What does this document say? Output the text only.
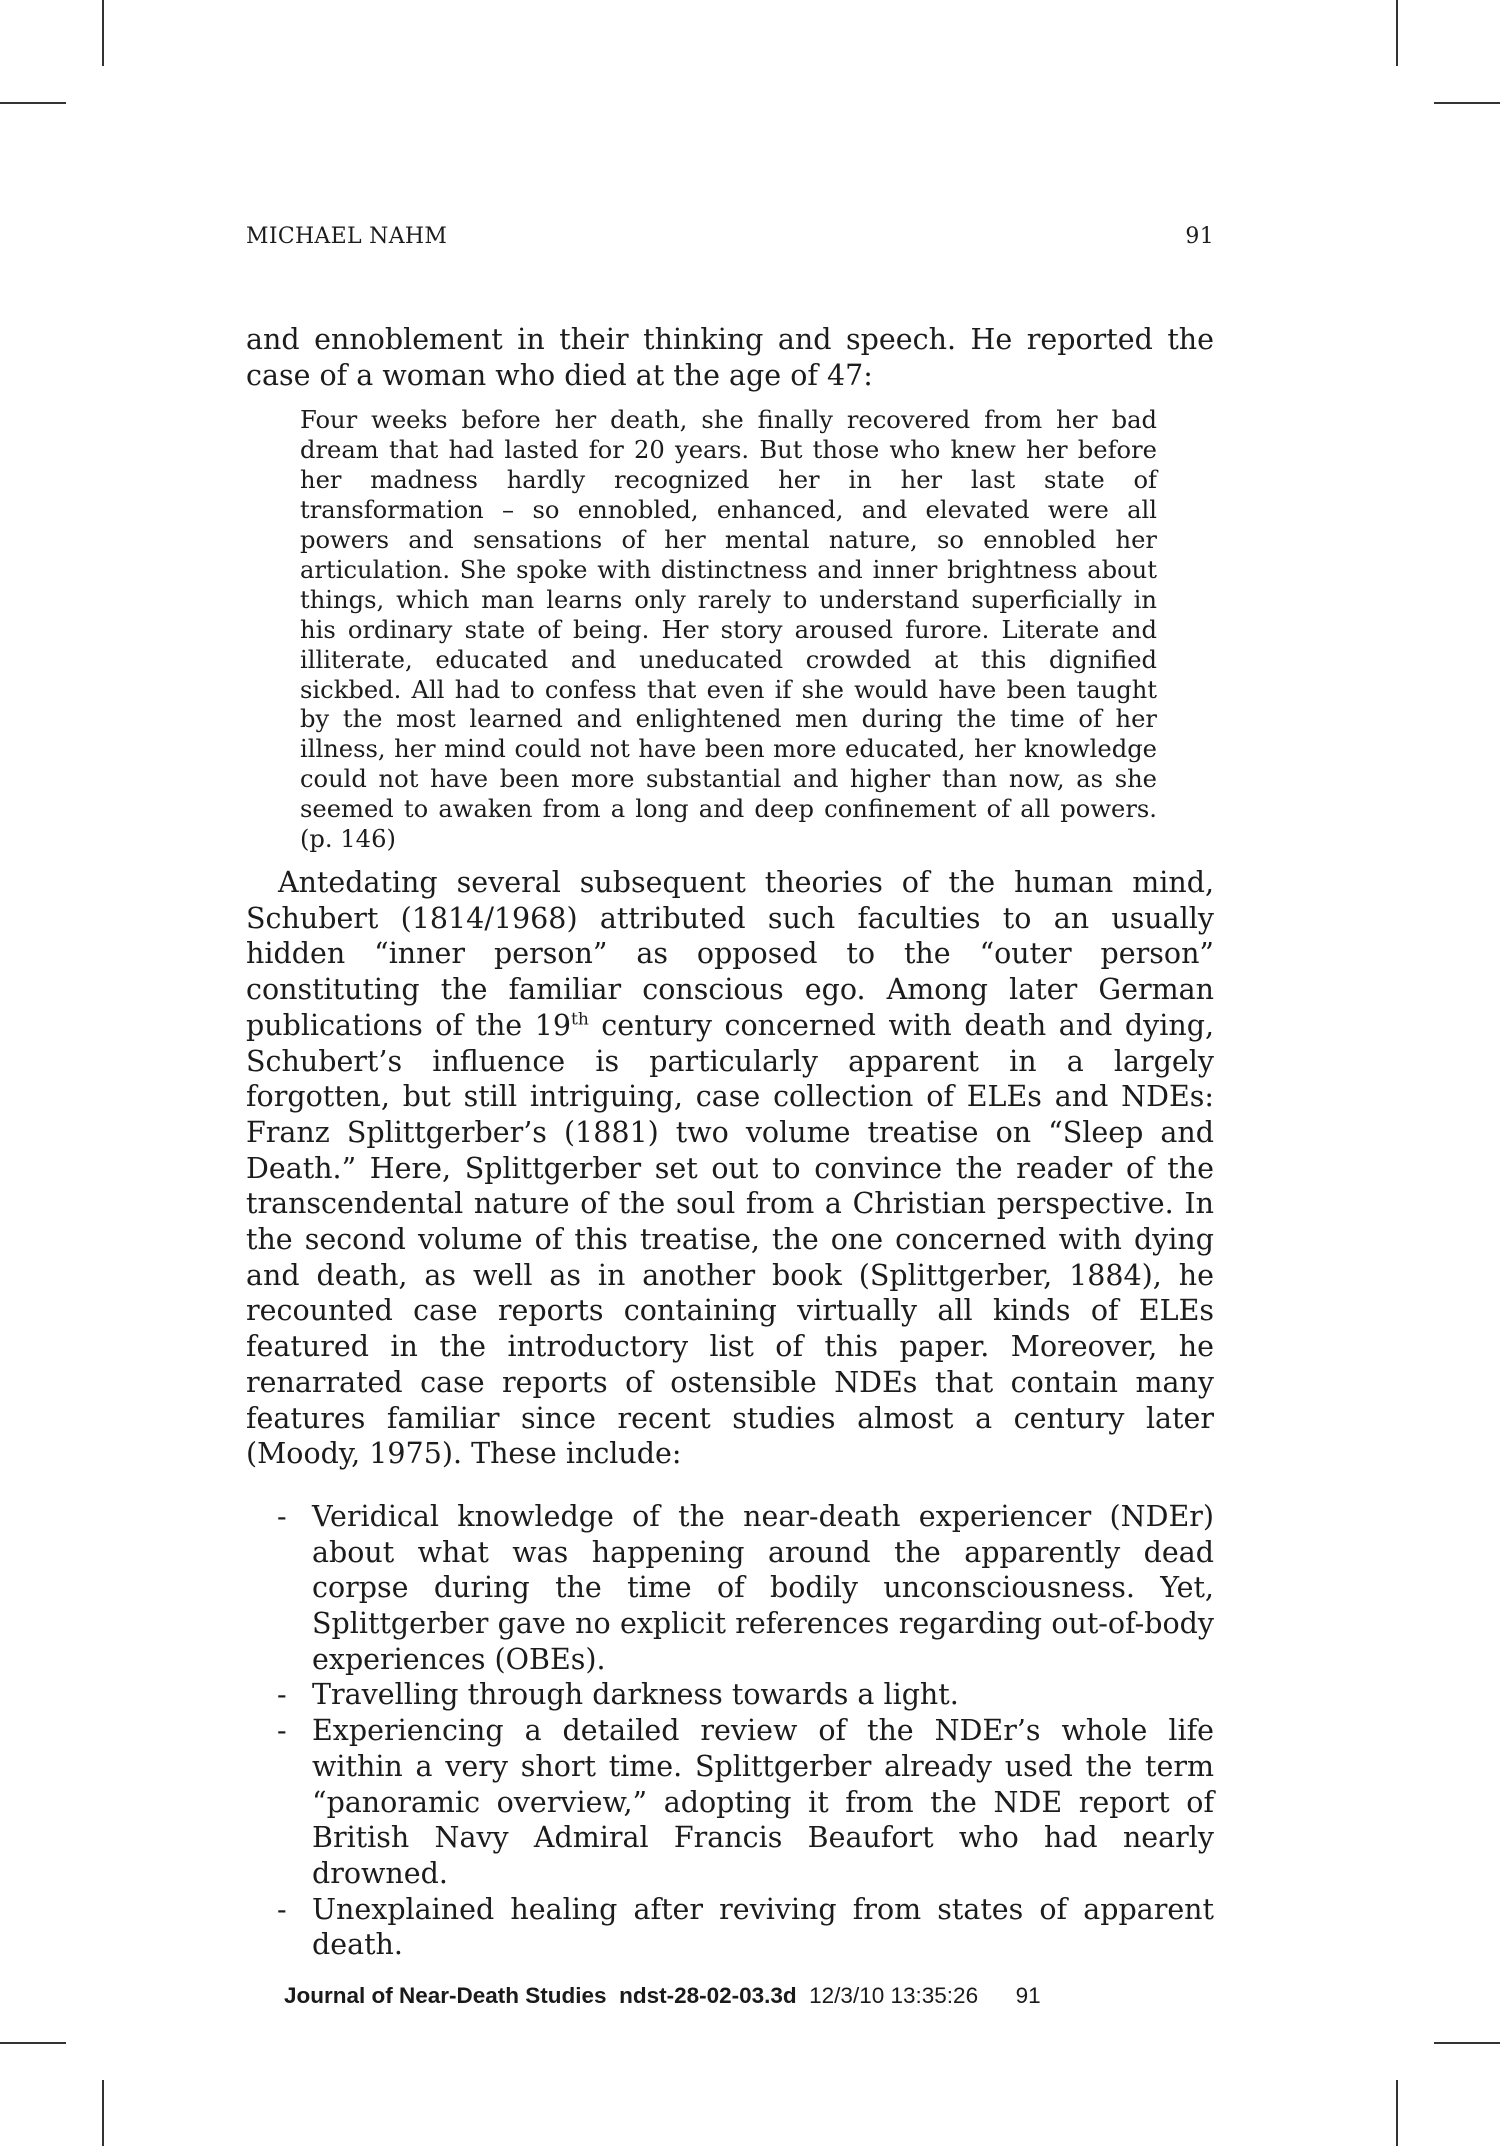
MICHAEL NAHM	91

and ennoblement in their thinking and speech. He reported the case of a woman who died at the age of 47:

Four weeks before her death, she finally recovered from her bad dream that had lasted for 20 years. But those who knew her before her madness hardly recognized her in her last state of transformation – so ennobled, enhanced, and elevated were all powers and sensations of her mental nature, so ennobled her articulation. She spoke with distinctness and inner brightness about things, which man learns only rarely to understand superficially in his ordinary state of being. Her story aroused furore. Literate and illiterate, educated and uneducated crowded at this dignified sickbed. All had to confess that even if she would have been taught by the most learned and enlightened men during the time of her illness, her mind could not have been more educated, her knowledge could not have been more substantial and higher than now, as she seemed to awaken from a long and deep confinement of all powers. (p. 146)

Antedating several subsequent theories of the human mind, Schubert (1814/1968) attributed such faculties to an usually hidden “inner person” as opposed to the “outer person” constituting the familiar conscious ego. Among later German publications of the 19th century concerned with death and dying, Schubert’s influence is particularly apparent in a largely forgotten, but still intriguing, case collection of ELEs and NDEs: Franz Splittgerber’s (1881) two volume treatise on “Sleep and Death.” Here, Splittgerber set out to convince the reader of the transcendental nature of the soul from a Christian perspective. In the second volume of this treatise, the one concerned with dying and death, as well as in another book (Splittgerber, 1884), he recounted case reports containing virtually all kinds of ELEs featured in the introductory list of this paper. Moreover, he renarrated case reports of ostensible NDEs that contain many features familiar since recent studies almost a century later (Moody, 1975). These include:

- Veridical knowledge of the near-death experiencer (NDEr) about what was happening around the apparently dead corpse during the time of bodily unconsciousness. Yet, Splittgerber gave no explicit references regarding out-of-body experiences (OBEs).
- Travelling through darkness towards a light.
- Experiencing a detailed review of the NDEr’s whole life within a very short time. Splittgerber already used the term “panoramic overview,” adopting it from the NDE report of British Navy Admiral Francis Beaufort who had nearly drowned.
- Unexplained healing after reviving from states of apparent death.
Journal of Near-Death Studies ndst-28-02-03.3d 12/3/10 13:35:26 91
